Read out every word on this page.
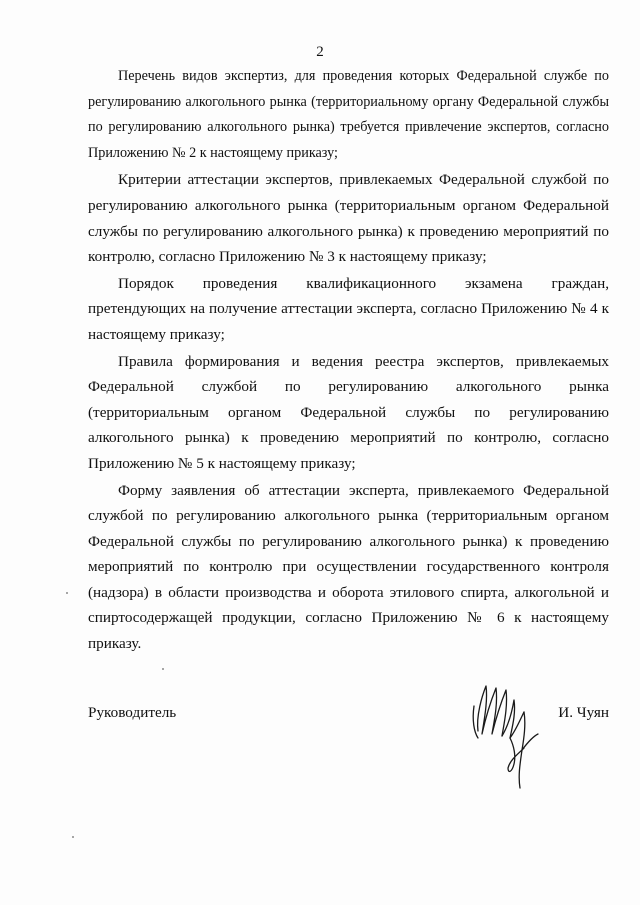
2

Перечень видов экспертиз, для проведения которых Федеральной службе по регулированию алкогольного рынка (территориальному органу Федеральной службы по регулированию алкогольного рынка) требуется привлечение экспертов, согласно Приложению № 2 к настоящему приказу;

Критерии аттестации экспертов, привлекаемых Федеральной службой по регулированию алкогольного рынка (территориальным органом Федеральной службы по регулированию алкогольного рынка) к проведению мероприятий по контролю, согласно Приложению № 3 к настоящему приказу;

Порядок проведения квалификационного экзамена граждан, претендующих на получение аттестации эксперта, согласно Приложению № 4 к настоящему приказу;

Правила формирования и ведения реестра экспертов, привлекаемых Федеральной службой по регулированию алкогольного рынка (территориальным органом Федеральной службы по регулированию алкогольного рынка) к проведению мероприятий по контролю, согласно Приложению № 5 к настоящему приказу;

Форму заявления об аттестации эксперта, привлекаемого Федеральной службой по регулированию алкогольного рынка (территориальным органом Федеральной службы по регулированию алкогольного рынка) к проведению мероприятий по контролю при осуществлении государственного контроля (надзора) в области производства и оборота этилового спирта, алкогольной и спиртосодержащей продукции, согласно Приложению № 6 к настоящему приказу.

Руководитель	И. Чуян
